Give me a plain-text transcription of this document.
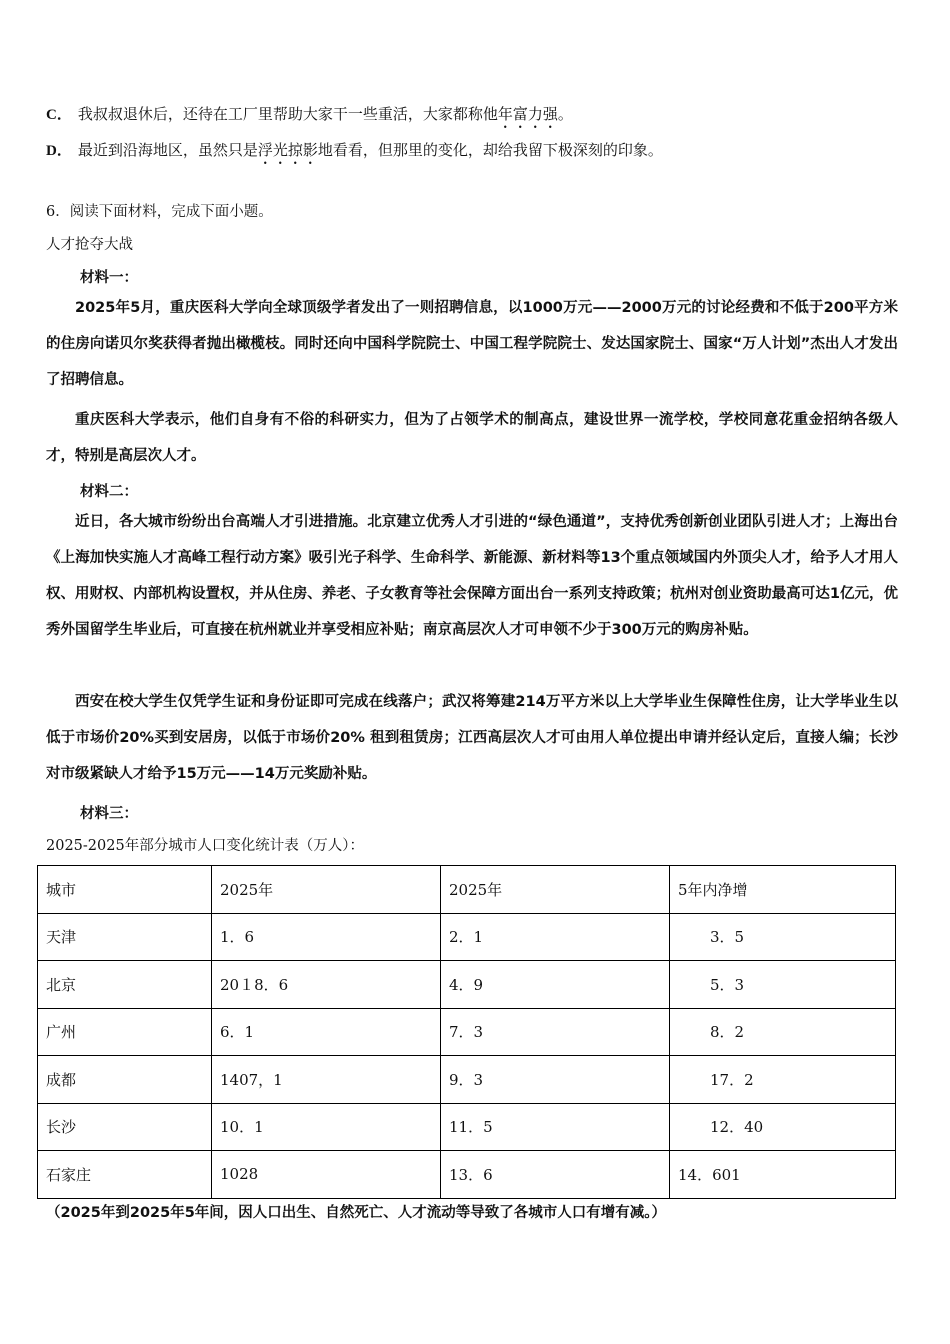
C． 我叔叔退休后，还待在工厂里帮助大家干一些重活，大家都称他年富力强。
D． 最近到沿海地区，虽然只是浮光掠影地看看，但那里的变化，却给我留下极深刻的印象。
6．阅读下面材料，完成下面小题。
人才抢夺大战
材料一：
2025年5月，重庆医科大学向全球顶级学者发出了一则招聘信息，以1000万元——2000万元的讨论经费和不低于200平方米的住房向诺贝尔奖获得者抛出橄榄枝。同时还向中国科学院院士、中国工程学院院士、发达国家院士、国家“万人计划”杰出人才发出了招聘信息。
重庆医科大学表示，他们自身有不俗的科研实力，但为了占领学术的制高点，建设世界一流学校，学校同意花重金招纳各级人才，特别是高层次人才。
材料二：
近日，各大城市纷纷出台高端人才引进措施。北京建立优秀人才引进的“绿色通道”，支持优秀创新创业团队引进人才；上海出台《上海加快实施人才高峰工程行动方案》吸引光子科学、生命科学、新能源、新材料等13个重点领域国内外顶尖人才，给予人才用人权、用财权、内部机构设置权，并从住房、养老、子女教育等社会保障方面出台一系列支持政策；杭州对创业资助最高可达1亿元，优秀外国留学生毕业后，可直接在杭州就业并享受相应补贴；南京高层次人才可申领不少于300万元的购房补贴。
西安在校大学生仅凭学生证和身份证即可完成在线落户；武汉将筹建214万平方米以上大学毕业生保障性住房，让大学毕业生以低于市场价20%买到安居房，以低于市场价20% 租到租赁房；江西高层次人才可由用人单位提出申请并经认定后，直接人编；长沙对市级紧缺人才给予15万元——14万元奖励补贴。
材料三：
2025-2025年部分城市人口变化统计表（万人）：
城市	2025年	2025年	5年内净增
天津	1．6	2．1	3．5
北京	20１8．6	4．9	5．3
广州	6．1	7．3	8．2
成都	1407，1	9．3	17．2
长沙	10．1	11．5	12．40
石家庄	1028	13．6	14．601
（2025年到2025年5年间，因人口出生、自然死亡、人才流动等导致了各城市人口有增有减。）
